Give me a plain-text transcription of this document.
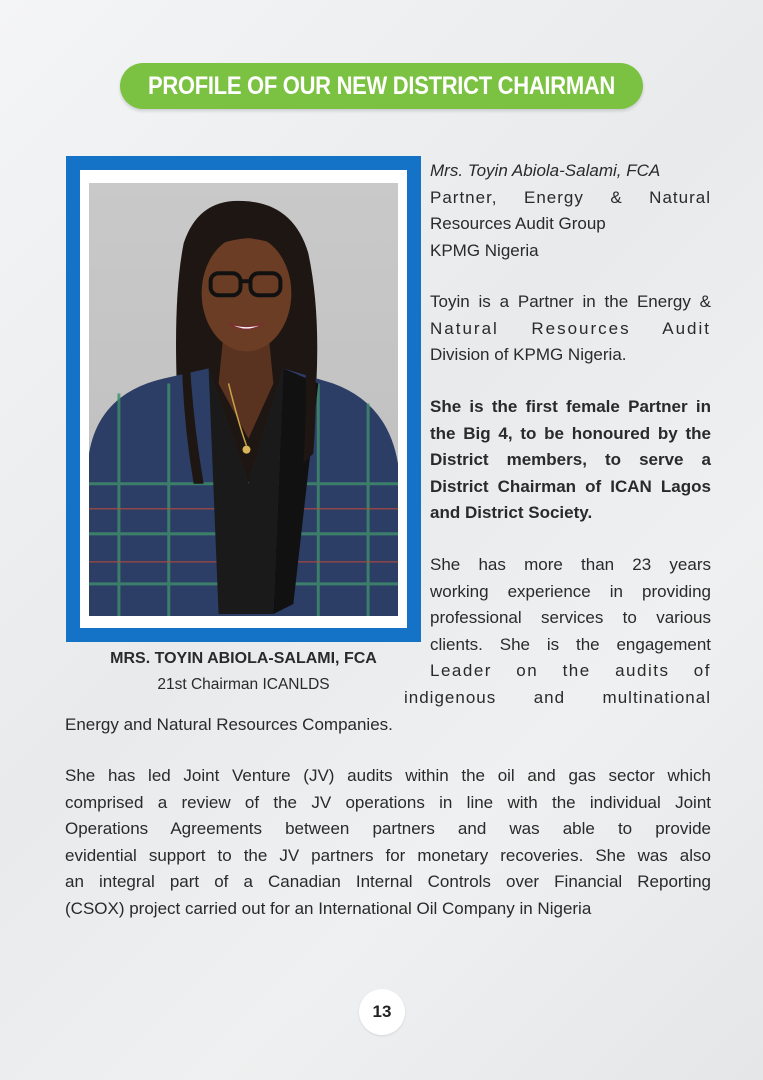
PROFILE OF OUR NEW DISTRICT CHAIRMAN
MRS. TOYIN ABIOLA-SALAMI, FCA
21st Chairman ICANLDS
Mrs. Toyin Abiola-Salami, FCA
Partner, Energy & Natural
Resources Audit Group
KPMG Nigeria
Toyin is a Partner in the Energy &
Natural Resources Audit
Division of KPMG Nigeria.
She is the first female Partner in
the Big 4, to be honoured by the
District members, to serve a
District Chairman of ICAN Lagos
and District Society.
She has more than 23 years
working experience in providing
professional services to various
clients. She is the engagement
Leader on the audits of
indigenous and multinational
Energy and Natural Resources Companies.
She has led Joint Venture (JV) audits within the oil and gas sector which
comprised a review of the JV operations in line with the individual Joint
Operations Agreements between partners and was able to provide
evidential support to the JV partners for monetary recoveries. She was also
an integral part of a Canadian Internal Controls over Financial Reporting
(CSOX) project carried out for an International Oil Company in Nigeria
13
